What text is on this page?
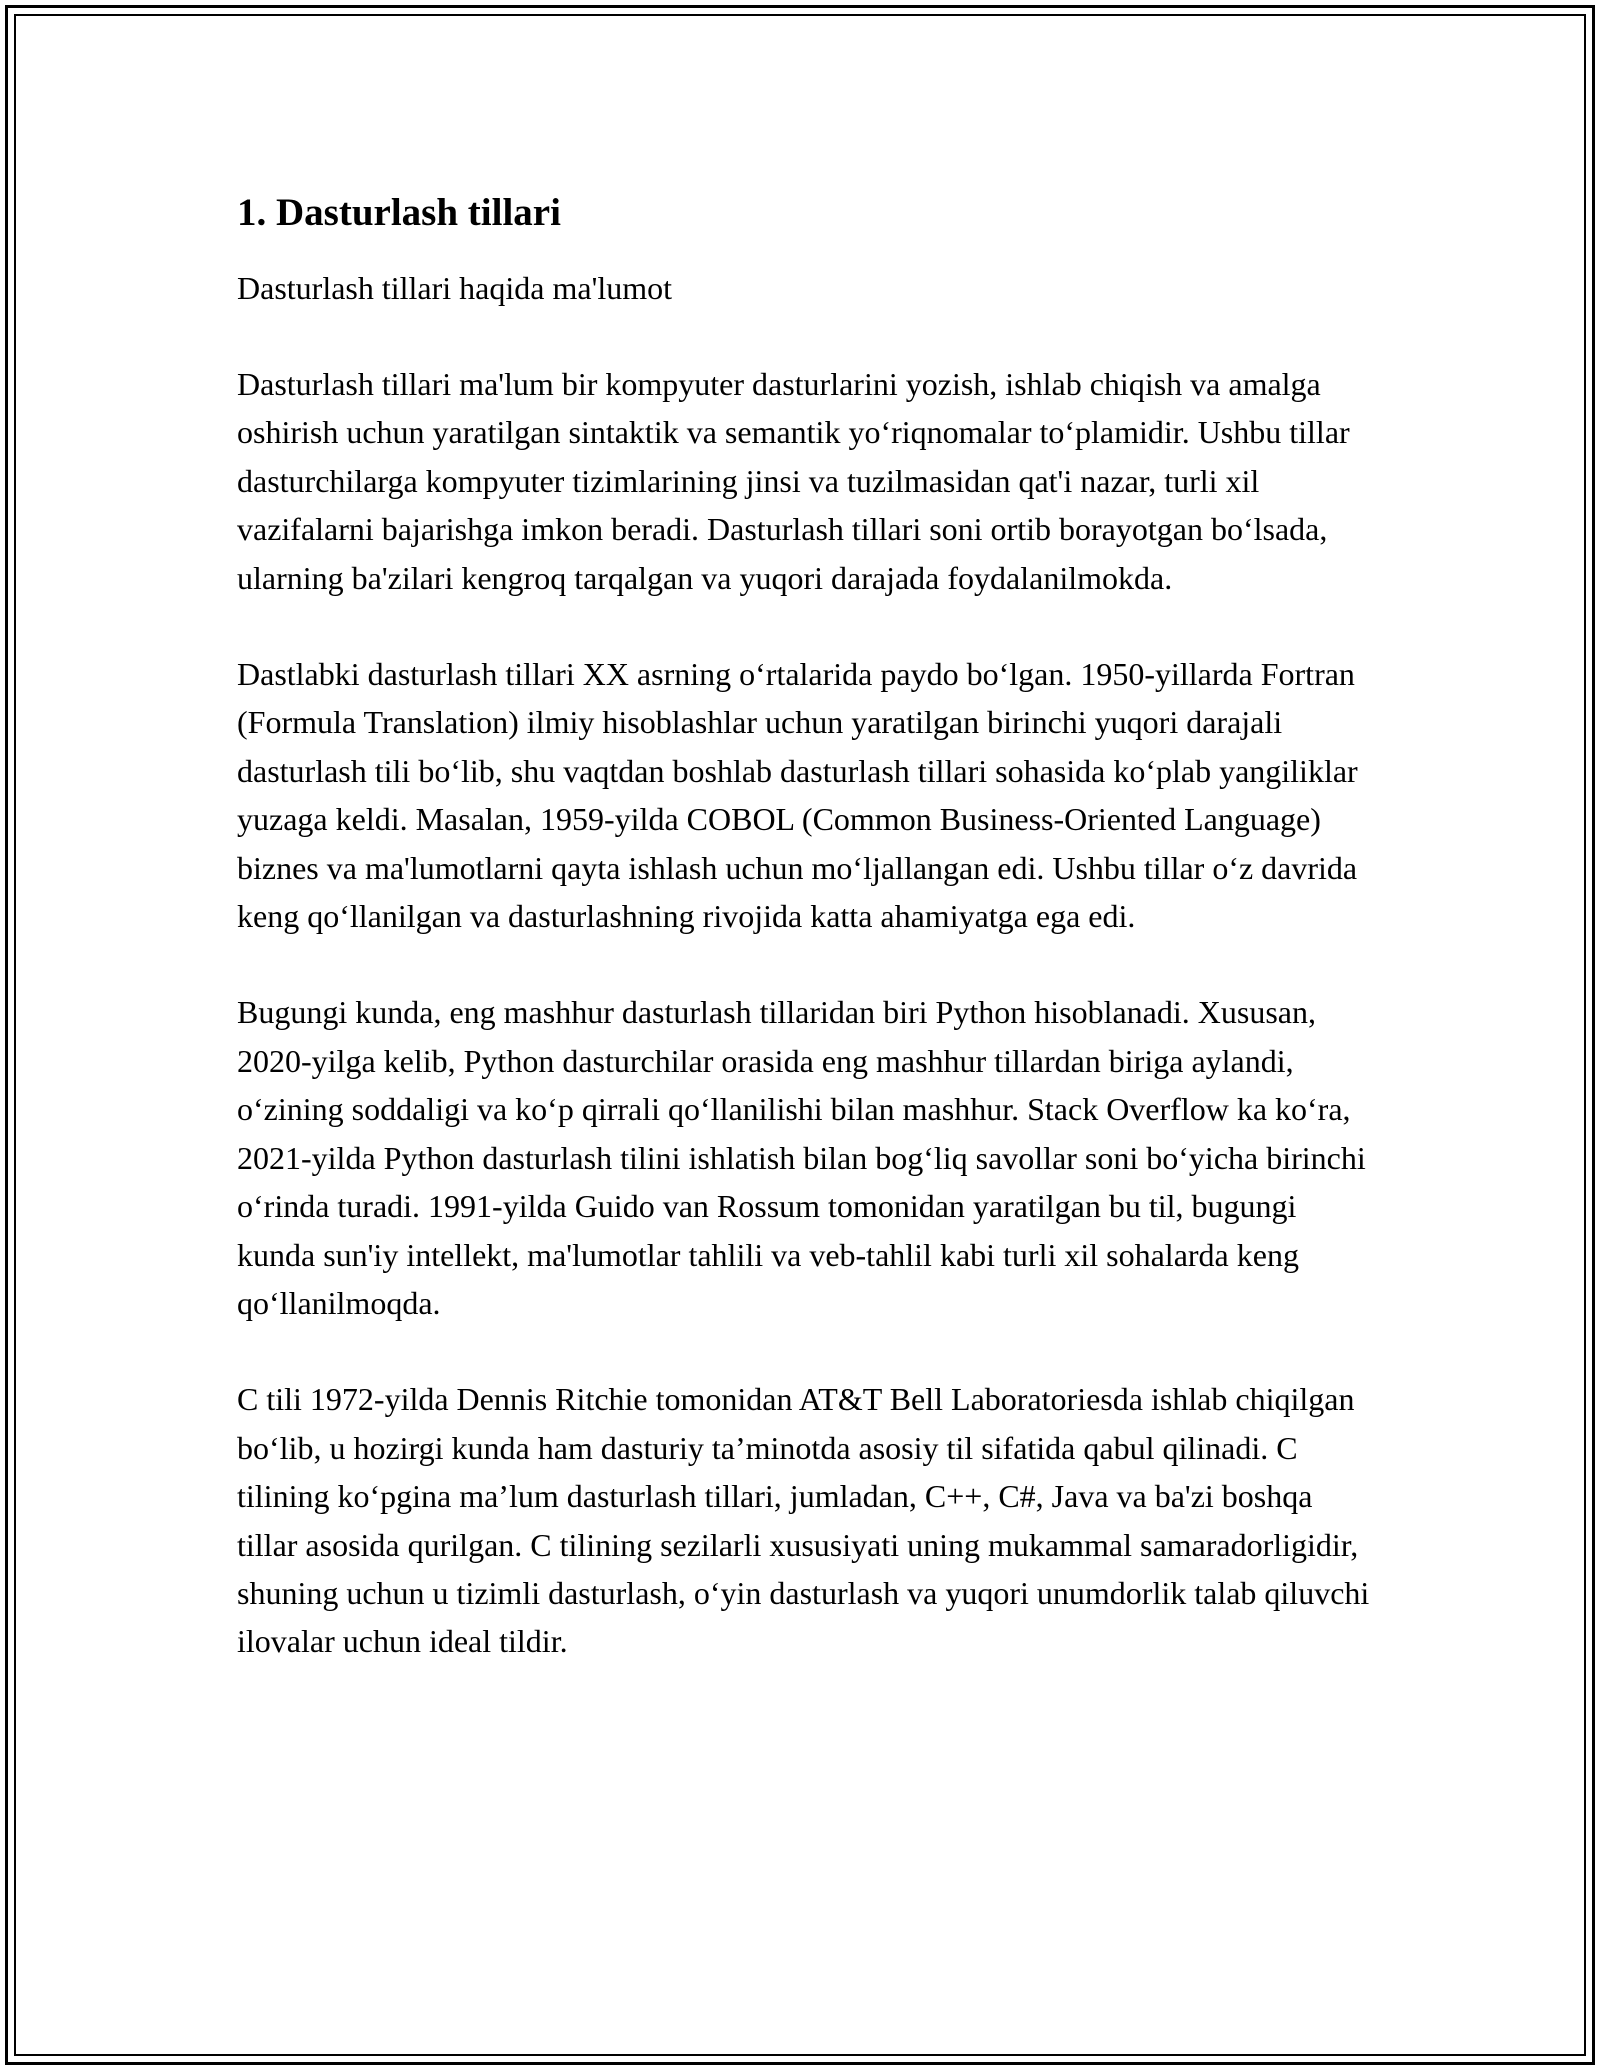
1. Dasturlash tillari

Dasturlash tillari haqida ma'lumot

Dasturlash tillari ma'lum bir kompyuter dasturlarini yozish, ishlab chiqish va amalga oshirish uchun yaratilgan sintaktik va semantik yo‘riqnomalar to‘plamidir. Ushbu tillar dasturchilarga kompyuter tizimlarining jinsi va tuzilmasidan qat'i nazar, turli xil vazifalarni bajarishga imkon beradi. Dasturlash tillari soni ortib borayotgan bo‘lsada, ularning ba'zilari kengroq tarqalgan va yuqori darajada foydalanilmokda.

Dastlabki dasturlash tillari XX asrning o‘rtalarida paydo bo‘lgan. 1950-yillarda Fortran (Formula Translation) ilmiy hisoblashlar uchun yaratilgan birinchi yuqori darajali dasturlash tili bo‘lib, shu vaqtdan boshlab dasturlash tillari sohasida ko‘plab yangiliklar yuzaga keldi. Masalan, 1959-yilda COBOL (Common Business-Oriented Language) biznes va ma'lumotlarni qayta ishlash uchun mo‘ljallangan edi. Ushbu tillar o‘z davrida keng qo‘llanilgan va dasturlashning rivojida katta ahamiyatga ega edi.

Bugungi kunda, eng mashhur dasturlash tillaridan biri Python hisoblanadi. Xususan, 2020-yilga kelib, Python dasturchilar orasida eng mashhur tillardan biriga aylandi, o‘zining soddaligi va ko‘p qirrali qo‘llanilishi bilan mashhur. Stack Overflow ka ko‘ra, 2021-yilda Python dasturlash tilini ishlatish bilan bog‘liq savollar soni bo‘yicha birinchi o‘rinda turadi. 1991-yilda Guido van Rossum tomonidan yaratilgan bu til, bugungi kunda sun'iy intellekt, ma'lumotlar tahlili va veb-tahlil kabi turli xil sohalarda keng qo‘llanilmoqda.

C tili 1972-yilda Dennis Ritchie tomonidan AT&T Bell Laboratoriesda ishlab chiqilgan bo‘lib, u hozirgi kunda ham dasturiy ta’minotda asosiy til sifatida qabul qilinadi. C tilining ko‘pgina ma’lum dasturlash tillari, jumladan, C++, C#, Java va ba'zi boshqa tillar asosida qurilgan. C tilining sezilarli xususiyati uning mukammal samaradorligidir, shuning uchun u tizimli dasturlash, o‘yin dasturlash va yuqori unumdorlik talab qiluvchi ilovalar uchun ideal tildir.
